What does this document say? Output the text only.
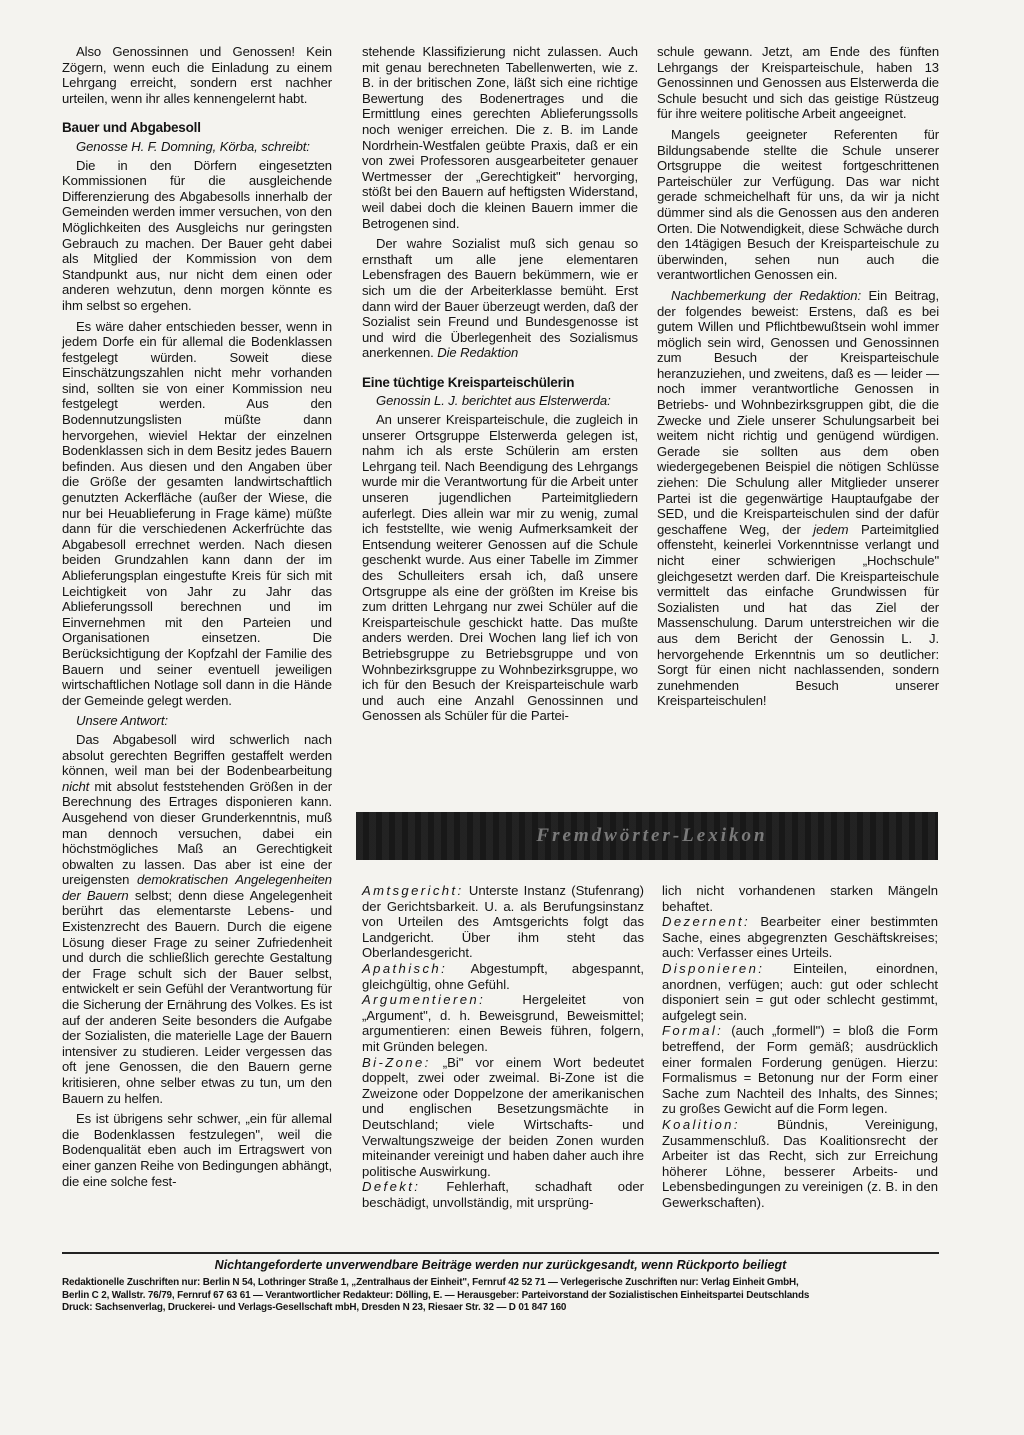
Also Genossinnen und Genossen! Kein Zögern, wenn euch die Einladung zu einem Lehrgang erreicht, sondern erst nachher urteilen, wenn ihr alles kennengelernt habt.

Bauer und Abgabesoll

Genosse H. F. Domning, Körba, schreibt:

Die in den Dörfern eingesetzten Kommissionen für die ausgleichende Differenzierung des Abgabesolls innerhalb der Gemeinden werden immer versuchen, von den Möglichkeiten des Ausgleichs nur geringsten Gebrauch zu machen. Der Bauer geht dabei als Mitglied der Kommission von dem Standpunkt aus, nur nicht dem einen oder anderen wehzutun, denn morgen könnte es ihm selbst so ergehen.

Es wäre daher entschieden besser, wenn in jedem Dorfe ein für allemal die Bodenklassen festgelegt würden. Soweit diese Einschätzungszahlen nicht mehr vorhanden sind, sollten sie von einer Kommission neu festgelegt werden. Aus den Bodennutzungslisten müßte dann hervorgehen, wieviel Hektar der einzelnen Bodenklassen sich in dem Besitz jedes Bauern befinden. Aus diesen und den Angaben über die Größe der gesamten landwirtschaftlich genutzten Ackerfläche (außer der Wiese, die nur bei Heuablieferung in Frage käme) müßte dann für die verschiedenen Ackerfrüchte das Abgabesoll errechnet werden. Nach diesen beiden Grundzahlen kann dann der im Ablieferungsplan eingestufte Kreis für sich mit Leichtigkeit von Jahr zu Jahr das Ablieferungssoll berechnen und im Einvernehmen mit den Parteien und Organisationen einsetzen. Die Berücksichtigung der Kopfzahl der Familie des Bauern und seiner eventuell jeweiligen wirtschaftlichen Notlage soll dann in die Hände der Gemeinde gelegt werden.

Unsere Antwort:

Das Abgabesoll wird schwerlich nach absolut gerechten Begriffen gestaffelt werden können, weil man bei der Bodenbearbeitung nicht mit absolut feststehenden Größen in der Berechnung des Ertrages disponieren kann. Ausgehend von dieser Grunderkenntnis, muß man dennoch versuchen, dabei ein höchstmögliches Maß an Gerechtigkeit obwalten zu lassen. Das aber ist eine der ureigensten demokratischen Angelegenheiten der Bauern selbst; denn diese Angelegenheit berührt das elementarste Lebens- und Existenzrecht des Bauern. Durch die eigene Lösung dieser Frage zu seiner Zufriedenheit und durch die schließlich gerechte Gestaltung der Frage schult sich der Bauer selbst, entwickelt er sein Gefühl der Verantwortung für die Sicherung der Ernährung des Volkes. Es ist auf der anderen Seite besonders die Aufgabe der Sozialisten, die materielle Lage der Bauern intensiver zu studieren. Leider vergessen das oft jene Genossen, die den Bauern gerne kritisieren, ohne selber etwas zu tun, um den Bauern zu helfen.

Es ist übrigens sehr schwer, „ein für allemal die Bodenklassen festzulegen", weil die Bodenqualität eben auch im Ertragswert von einer ganzen Reihe von Bedingungen abhängt, die eine solche fest-

stehende Klassifizierung nicht zulassen. Auch mit genau berechneten Tabellenwerten, wie z. B. in der britischen Zone, läßt sich eine richtige Bewertung des Bodenertrages und die Ermittlung eines gerechten Ablieferungssolls noch weniger erreichen. Die z. B. im Lande Nordrhein-Westfalen geübte Praxis, daß er ein von zwei Professoren ausgearbeiteter genauer Wertmesser der „Gerechtigkeit" hervorging, stößt bei den Bauern auf heftigsten Widerstand, weil dabei doch die kleinen Bauern immer die Betrogenen sind.

Der wahre Sozialist muß sich genau so ernsthaft um alle jene elementaren Lebensfragen des Bauern bekümmern, wie er sich um die der Arbeiterklasse bemüht. Erst dann wird der Bauer überzeugt werden, daß der Sozialist sein Freund und Bundesgenosse ist und wird die Überlegenheit des Sozialismus anerkennen. Die Redaktion

Eine tüchtige Kreisparteischülerin

Genossin L. J. berichtet aus Elsterwerda:

An unserer Kreisparteischule, die zugleich in unserer Ortsgruppe Elsterwerda gelegen ist, nahm ich als erste Schülerin am ersten Lehrgang teil. Nach Beendigung des Lehrgangs wurde mir die Verantwortung für die Arbeit unter unseren jugendlichen Parteimitgliedern auferlegt. Dies allein war mir zu wenig, zumal ich feststellte, wie wenig Aufmerksamkeit der Entsendung weiterer Genossen auf die Schule geschenkt wurde. Aus einer Tabelle im Zimmer des Schulleiters ersah ich, daß unsere Ortsgruppe als eine der größten im Kreise bis zum dritten Lehrgang nur zwei Schüler auf die Kreisparteischule geschickt hatte. Das mußte anders werden. Drei Wochen lang lief ich von Betriebsgruppe zu Betriebsgruppe und von Wohnbezirksgruppe zu Wohnbezirksgruppe, wo ich für den Besuch der Kreisparteischule warb und auch eine Anzahl Genossinnen und Genossen als Schüler für die Partei-

schule gewann. Jetzt, am Ende des fünften Lehrgangs der Kreisparteischule, haben 13 Genossinnen und Genossen aus Elsterwerda die Schule besucht und sich das geistige Rüstzeug für ihre weitere politische Arbeit angeeignet.

Mangels geeigneter Referenten für Bildungsabende stellte die Schule unserer Ortsgruppe die weitest fortgeschrittenen Parteischüler zur Verfügung. Das war nicht gerade schmeichelhaft für uns, da wir ja nicht dümmer sind als die Genossen aus den anderen Orten. Die Notwendigkeit, diese Schwäche durch den 14tägigen Besuch der Kreisparteischule zu überwinden, sehen nun auch die verantwortlichen Genossen ein.

Nachbemerkung der Redaktion: Ein Beitrag, der folgendes beweist: Erstens, daß es bei gutem Willen und Pflichtbewußtsein wohl immer möglich sein wird, Genossen und Genossinnen zum Besuch der Kreisparteischule heranzuziehen, und zweitens, daß es — leider — noch immer verantwortliche Genossen in Betriebs- und Wohnbezirksgruppen gibt, die die Zwecke und Ziele unserer Schulungsarbeit bei weitem nicht richtig und genügend würdigen. Gerade sie sollten aus dem oben wiedergegebenen Beispiel die nötigen Schlüsse ziehen: Die Schulung aller Mitglieder unserer Partei ist die gegenwärtige Hauptaufgabe der SED, und die Kreisparteischulen sind der dafür geschaffene Weg, der jedem Parteimitglied offensteht, keinerlei Vorkenntnisse verlangt und nicht einer schwierigen „Hochschule" gleichgesetzt werden darf. Die Kreisparteischule vermittelt das einfache Grundwissen für Sozialisten und hat das Ziel der Massenschulung. Darum unterstreichen wir die aus dem Bericht der Genossin L. J. hervorgehende Erkenntnis um so deutlicher: Sorgt für einen nicht nachlassenden, sondern zunehmenden Besuch unserer Kreisparteischulen!

Fremdwörter-Lexikon

Amtsgericht: Unterste Instanz (Stufenrang) der Gerichtsbarkeit. U. a. als Berufungsinstanz von Urteilen des Amtsgerichts folgt das Landgericht. Über ihm steht das Oberlandesgericht.

Apathisch: Abgestumpft, abgespannt, gleichgültig, ohne Gefühl.

Argumentieren:	Hergeleitet von „Argument", d. h. Beweisgrund, Beweismittel; argumentieren: einen Beweis führen, folgern, mit Gründen belegen.

Bi-Zone: „Bi" vor einem Wort bedeutet doppelt, zwei oder zweimal. Bi-Zone ist die Zweizone oder Doppelzone der amerikanischen und englischen Besetzungsmächte in Deutschland; viele Wirtschafts- und Verwaltungszweige der beiden Zonen wurden miteinander vereinigt und haben daher auch ihre politische Auswirkung.

Defekt: Fehlerhaft, schadhaft oder beschädigt, unvollständig, mit ursprüng-

lich nicht vorhandenen starken Mängeln behaftet.

Dezernent: Bearbeiter einer bestimmten Sache, eines abgegrenzten Geschäftskreises; auch: Verfasser eines Urteils.

Disponieren: Einteilen, einordnen, anordnen, verfügen; auch: gut oder schlecht disponiert sein = gut oder schlecht gestimmt, aufgelegt sein.

Formal: (auch „formell") = bloß die Form betreffend, der Form gemäß; ausdrücklich einer formalen Forderung genügen. Hierzu: Formalismus = Betonung nur der Form einer Sache zum Nachteil des Inhalts, des Sinnes; zu großes Gewicht auf die Form legen.

Koalition:	Bündnis, Vereinigung, Zusammenschluß. Das Koalitionsrecht der Arbeiter ist das Recht, sich zur Erreichung höherer Löhne, besserer Arbeits- und Lebensbedingungen zu vereinigen (z. B. in den Gewerkschaften).

Nichtangeforderte unverwendbare Beiträge werden nur zurückgesandt, wenn Rückporto beiliegt
Redaktionelle Zuschriften nur: Berlin N 54, Lothringer Straße 1, „Zentralhaus der Einheit", Fernruf 42 52 71 — Verlegerische Zuschriften nur: Verlag Einheit GmbH,
Berlin C 2, Wallstr. 76/79, Fernruf 67 63 61 — Verantwortlicher Redakteur: Dölling, E. — Herausgeber: Parteivorstand der Sozialistischen Einheitspartei Deutschlands
Druck: Sachsenverlag, Druckerei- und Verlags-Gesellschaft mbH, Dresden N 23, Riesaer Str. 32 — D 01 847 160
